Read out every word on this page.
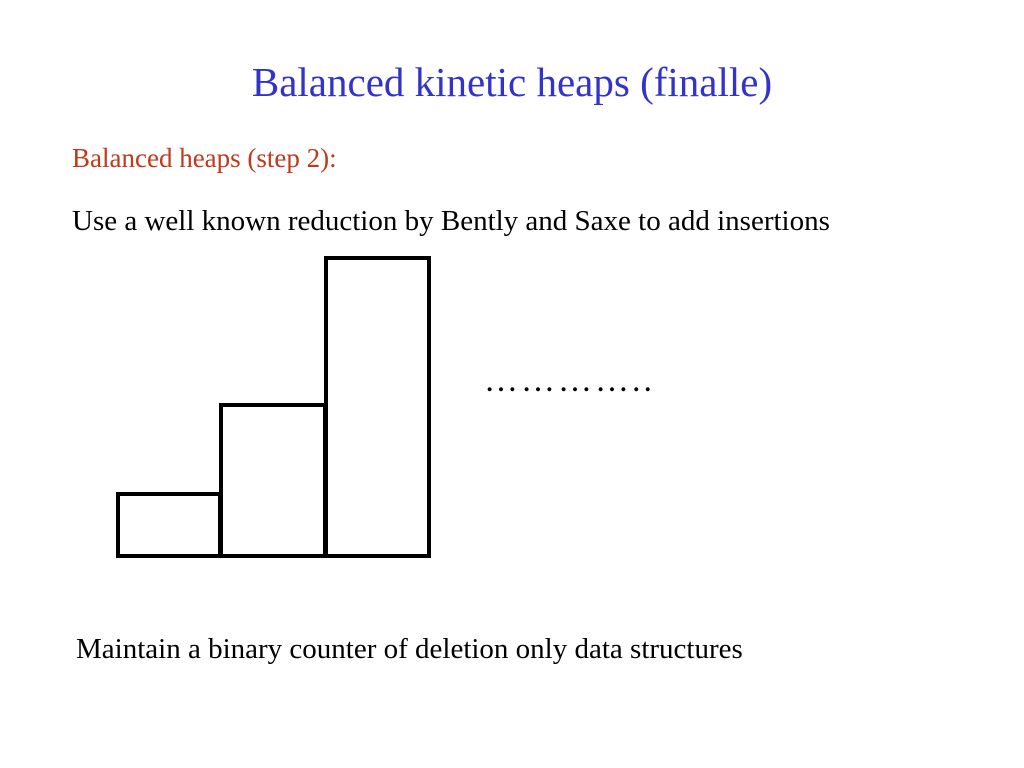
Balanced kinetic heaps (finalle)
Balanced heaps (step 2):
Use a well known reduction by Bently and Saxe to add insertions
…………..
Maintain a binary counter of deletion only data structures
